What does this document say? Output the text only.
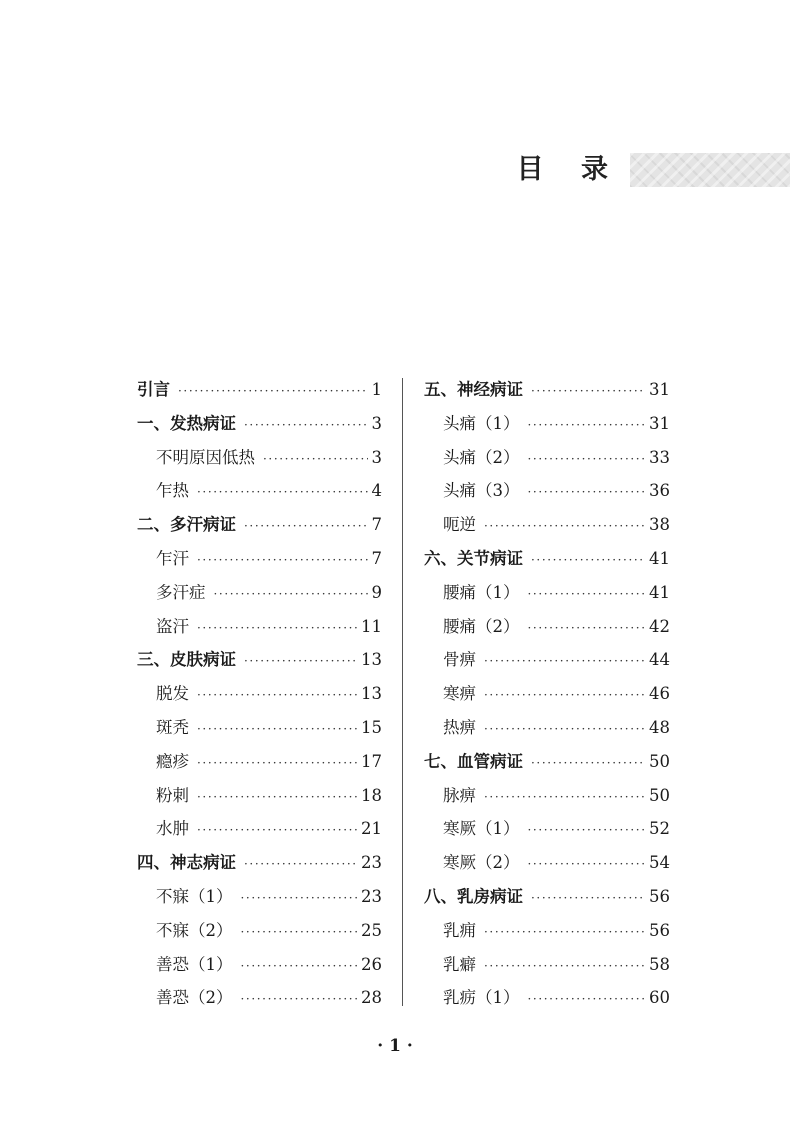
目 录
引言 ·····	1
一、发热病证 ·····	3
不明原因低热 ·····	3
乍热 ·····	4
二、多汗病证 ·····	7
乍汗 ·····	7
多汗症 ·····	9
盗汗 ·····	11
三、皮肤病证 ·····	13
脱发 ·····	13
斑秃 ·····	15
瘾疹 ·····	17
粉刺 ·····	18
水肿 ·····	21
四、神志病证 ·····	23
不寐（1） ·····	23
不寐（2） ·····	25
善恐（1） ·····	26
善恐（2） ·····	28
五、神经病证 ·····	31
头痛（1） ·····	31
头痛（2） ·····	33
头痛（3） ·····	36
呃逆 ·····	38
六、关节病证 ·····	41
腰痛（1） ·····	41
腰痛（2） ·····	42
骨痹 ·····	44
寒痹 ·····	46
热痹 ·····	48
七、血管病证 ·····	50
脉痹 ·····	50
寒厥（1） ·····	52
寒厥（2） ·····	54
八、乳房病证 ·····	56
乳痈 ·····	56
乳癖 ·····	58
乳疬（1） ·····	60
· 1 ·
